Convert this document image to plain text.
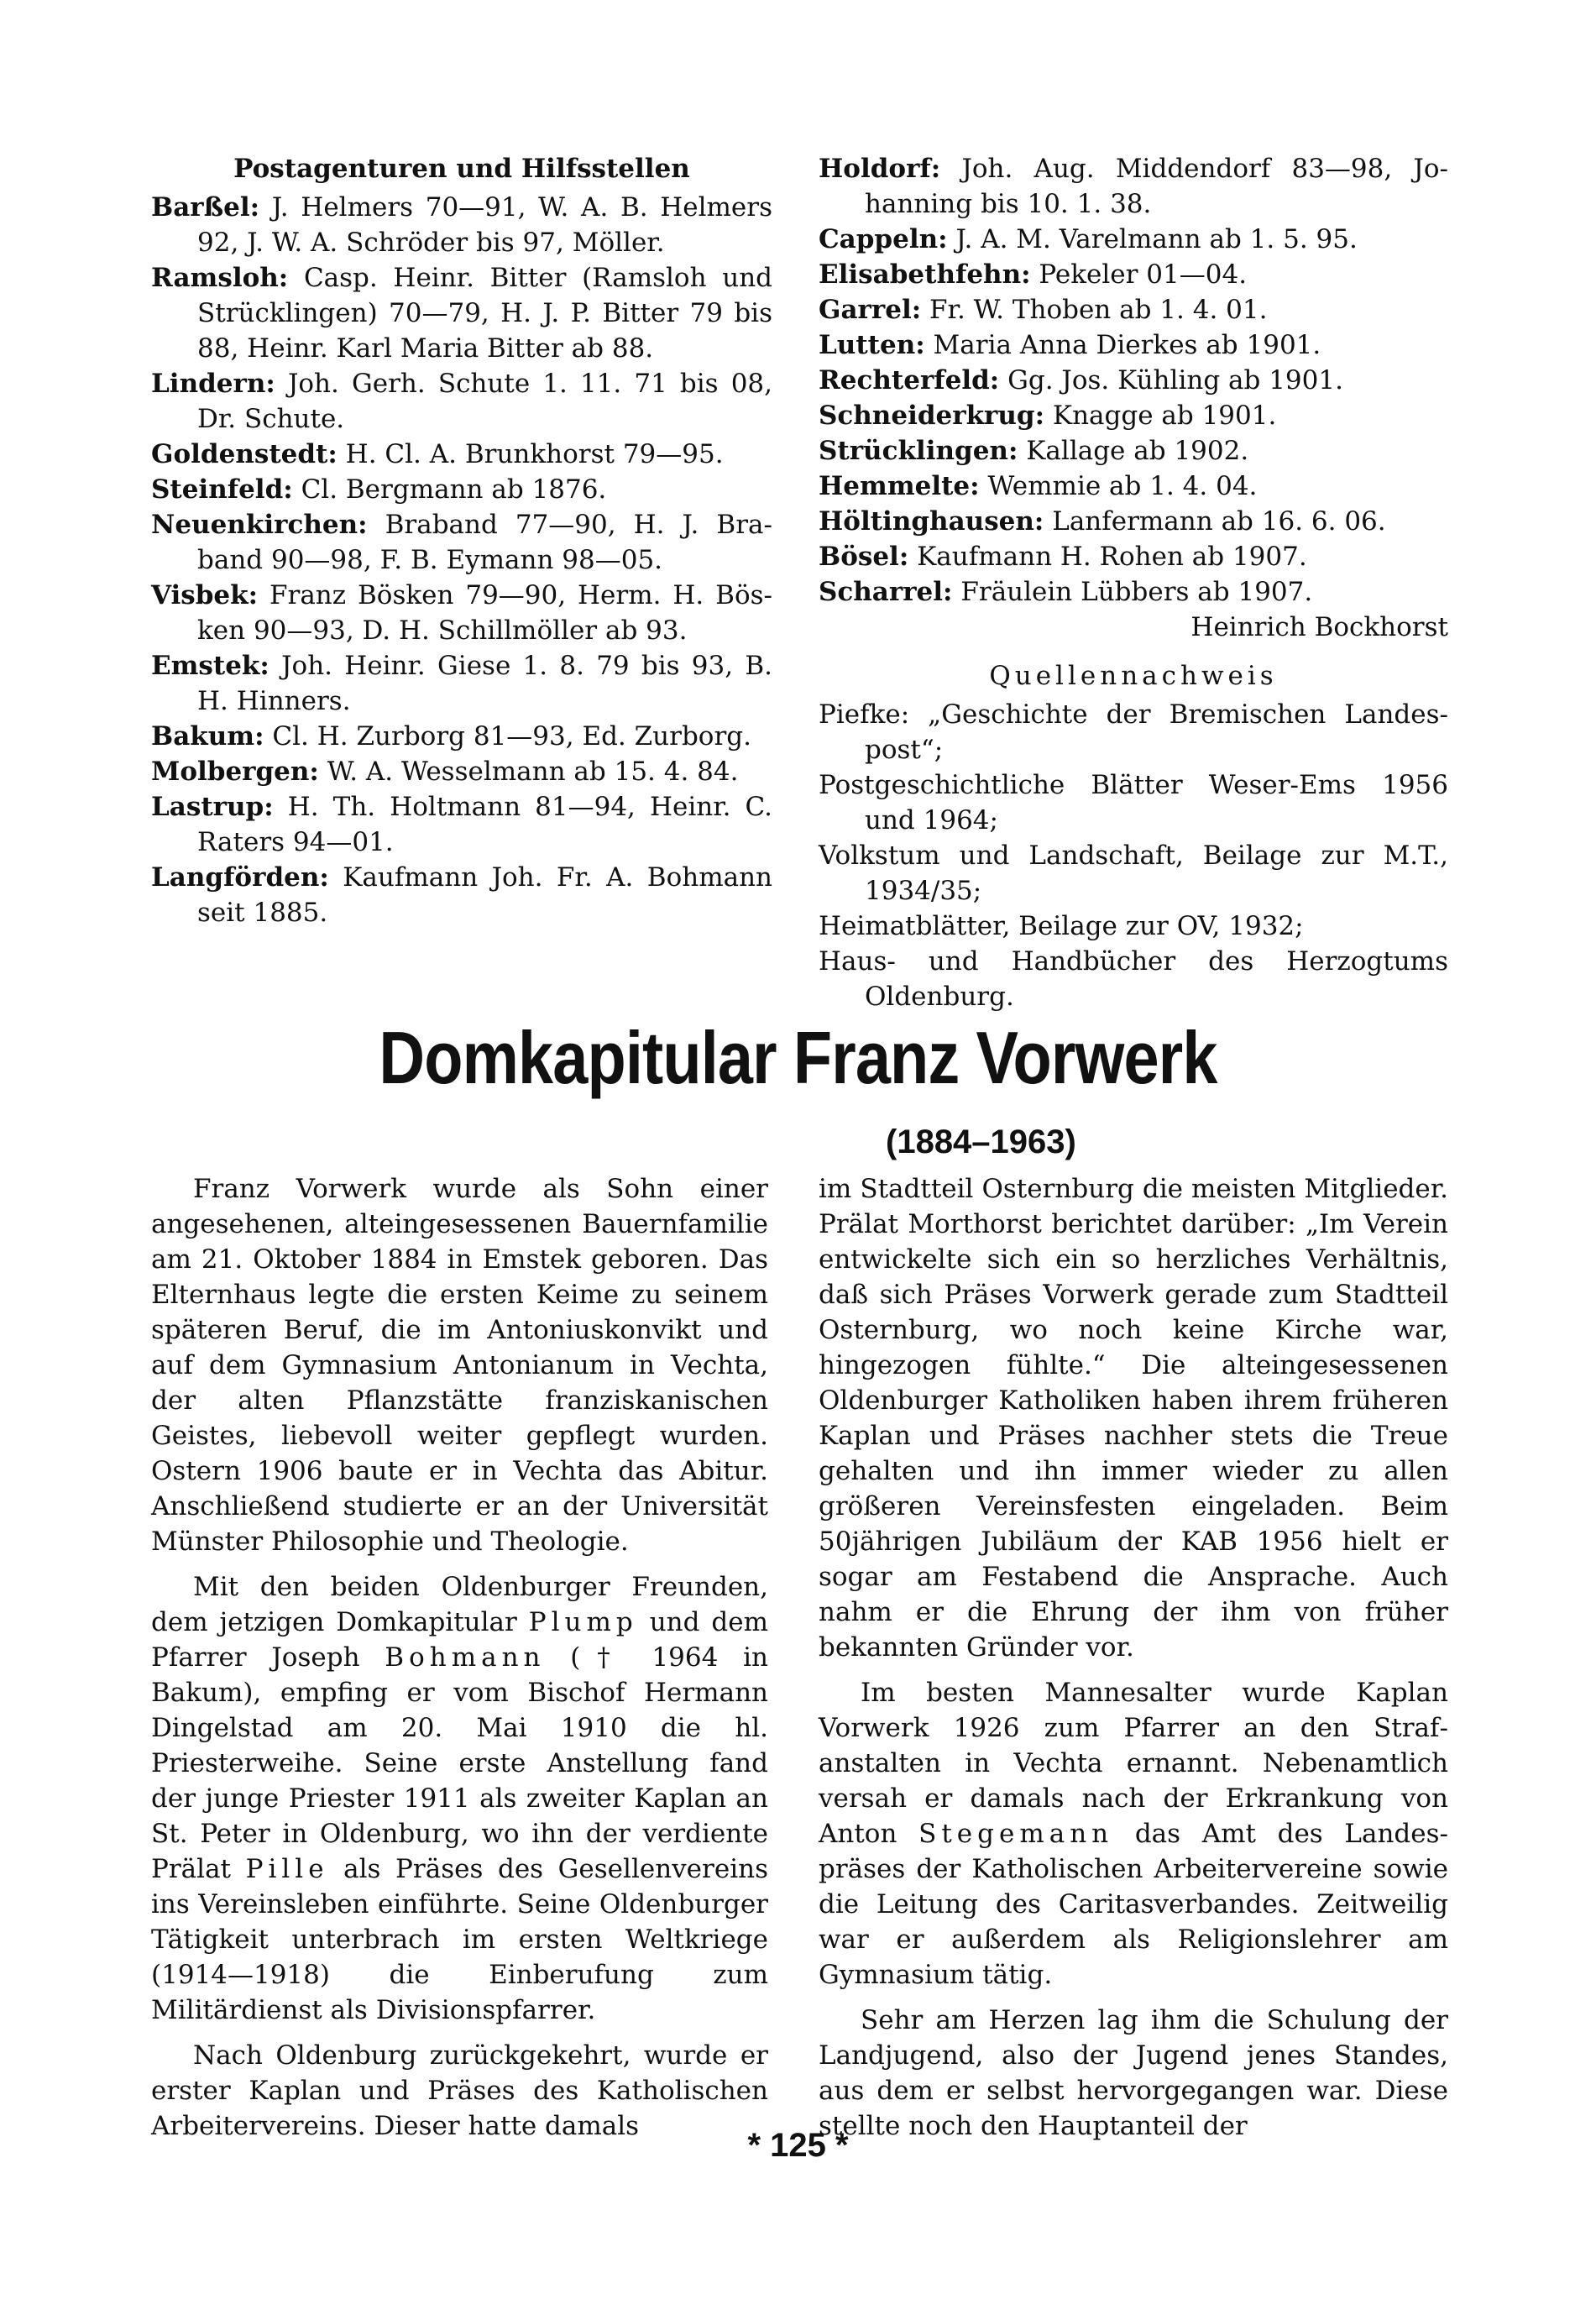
Postagenturen und Hilfsstellen

Barßel: J. Helmers 70—91, W. A. B. Helmers 92, J. W. A. Schröder bis 97, Möller.

Ramsloh: Casp. Heinr. Bitter (Ramsloh und Strücklingen) 70—79, H. J. P. Bitter 79 bis 88, Heinr. Karl Maria Bitter ab 88.

Lindern: Joh. Gerh. Schute 1. 11. 71 bis 08, Dr. Schute.

Goldenstedt: H. Cl. A. Brunkhorst 79—95.

Steinfeld: Cl. Bergmann ab 1876.

Neuenkirchen: Braband 77—90, H. J. Braband 90—98, F. B. Eymann 98—05.

Visbek: Franz Bösken 79—90, Herm. H. Bösken 90—93, D. H. Schillmöller ab 93.

Emstek: Joh. Heinr. Giese 1. 8. 79 bis 93, B. H. Hinners.

Bakum: Cl. H. Zurborg 81—93, Ed. Zurborg.

Molbergen: W. A. Wesselmann ab 15. 4. 84.

Lastrup: H. Th. Holtmann 81—94, Heinr. C. Raters 94—01.

Langförden: Kaufmann Joh. Fr. A. Bohmann seit 1885.

Holdorf: Joh. Aug. Middendorf 83—98, Johanning bis 10. 1. 38.

Cappeln: J. A. M. Varelmann ab 1. 5. 95.

Elisabethfehn: Pekeler 01—04.

Garrel: Fr. W. Thoben ab 1. 4. 01.

Lutten: Maria Anna Dierkes ab 1901.

Rechterfeld: Gg. Jos. Kühling ab 1901.

Schneiderkrug: Knagge ab 1901.

Strücklingen: Kallage ab 1902.

Hemmelte: Wemmie ab 1. 4. 04.

Höltinghausen: Lanfermann ab 16. 6. 06.

Bösel: Kaufmann H. Rohen ab 1907.

Scharrel: Fräulein Lübbers ab 1907.

Heinrich Bockhorst

Quellennachweis

Piefke: „Geschichte der Bremischen Landespost“;

Postgeschichtliche Blätter Weser-Ems 1956 und 1964;

Volkstum und Landschaft, Beilage zur M.T., 1934/35;

Heimatblätter, Beilage zur OV, 1932;

Haus- und Handbücher des Herzogtums Oldenburg.

Domkapitular Franz Vorwerk

(1884–1963)

Franz Vorwerk wurde als Sohn einer angesehenen, alteingesessenen Bauernfamilie am 21. Oktober 1884 in Emstek geboren. Das Elternhaus legte die ersten Keime zu seinem späteren Beruf, die im Antoniuskonvikt und auf dem Gymnasium Antonianum in Vechta, der alten Pflanzstätte franziskanischen Geistes, liebevoll weiter gepflegt wurden. Ostern 1906 baute er in Vechta das Abitur. Anschließend studierte er an der Universität Münster Philosophie und Theologie.

Mit den beiden Oldenburger Freunden, dem jetzigen Domkapitular Plump und dem Pfarrer Joseph Bohmann († 1964 in Bakum), empfing er vom Bischof Hermann Dingelstad am 20. Mai 1910 die hl. Priesterweihe. Seine erste Anstellung fand der junge Priester 1911 als zweiter Kaplan an St. Peter in Oldenburg, wo ihn der verdiente Prälat Pille als Präses des Gesellenvereins ins Vereinsleben einführte. Seine Oldenburger Tätigkeit unterbrach im ersten Weltkriege (1914—1918) die Einberufung zum Militärdienst als Divisionspfarrer.

Nach Oldenburg zurückgekehrt, wurde er erster Kaplan und Präses des Katholischen Arbeitervereins. Dieser hatte damals

im Stadtteil Osternburg die meisten Mitglieder. Prälat Morthorst berichtet darüber: „Im Verein entwickelte sich ein so herzliches Verhältnis, daß sich Präses Vorwerk gerade zum Stadtteil Osternburg, wo noch keine Kirche war, hingezogen fühlte.“ Die alteingesessenen Oldenburger Katholiken haben ihrem früheren Kaplan und Präses nachher stets die Treue gehalten und ihn immer wieder zu allen größeren Vereinsfesten eingeladen. Beim 50jährigen Jubiläum der KAB 1956 hielt er sogar am Festabend die Ansprache. Auch nahm er die Ehrung der ihm von früher bekannten Gründer vor.

Im besten Mannesalter wurde Kaplan Vorwerk 1926 zum Pfarrer an den Strafanstalten in Vechta ernannt. Nebenamtlich versah er damals nach der Erkrankung von Anton Stegemann das Amt des Landespräses der Katholischen Arbeitervereine sowie die Leitung des Caritasverbandes. Zeitweilig war er außerdem als Religionslehrer am Gymnasium tätig.

Sehr am Herzen lag ihm die Schulung der Landjugend, also der Jugend jenes Standes, aus dem er selbst hervorgegangen war. Diese stellte noch den Hauptanteil der

* 125 *
